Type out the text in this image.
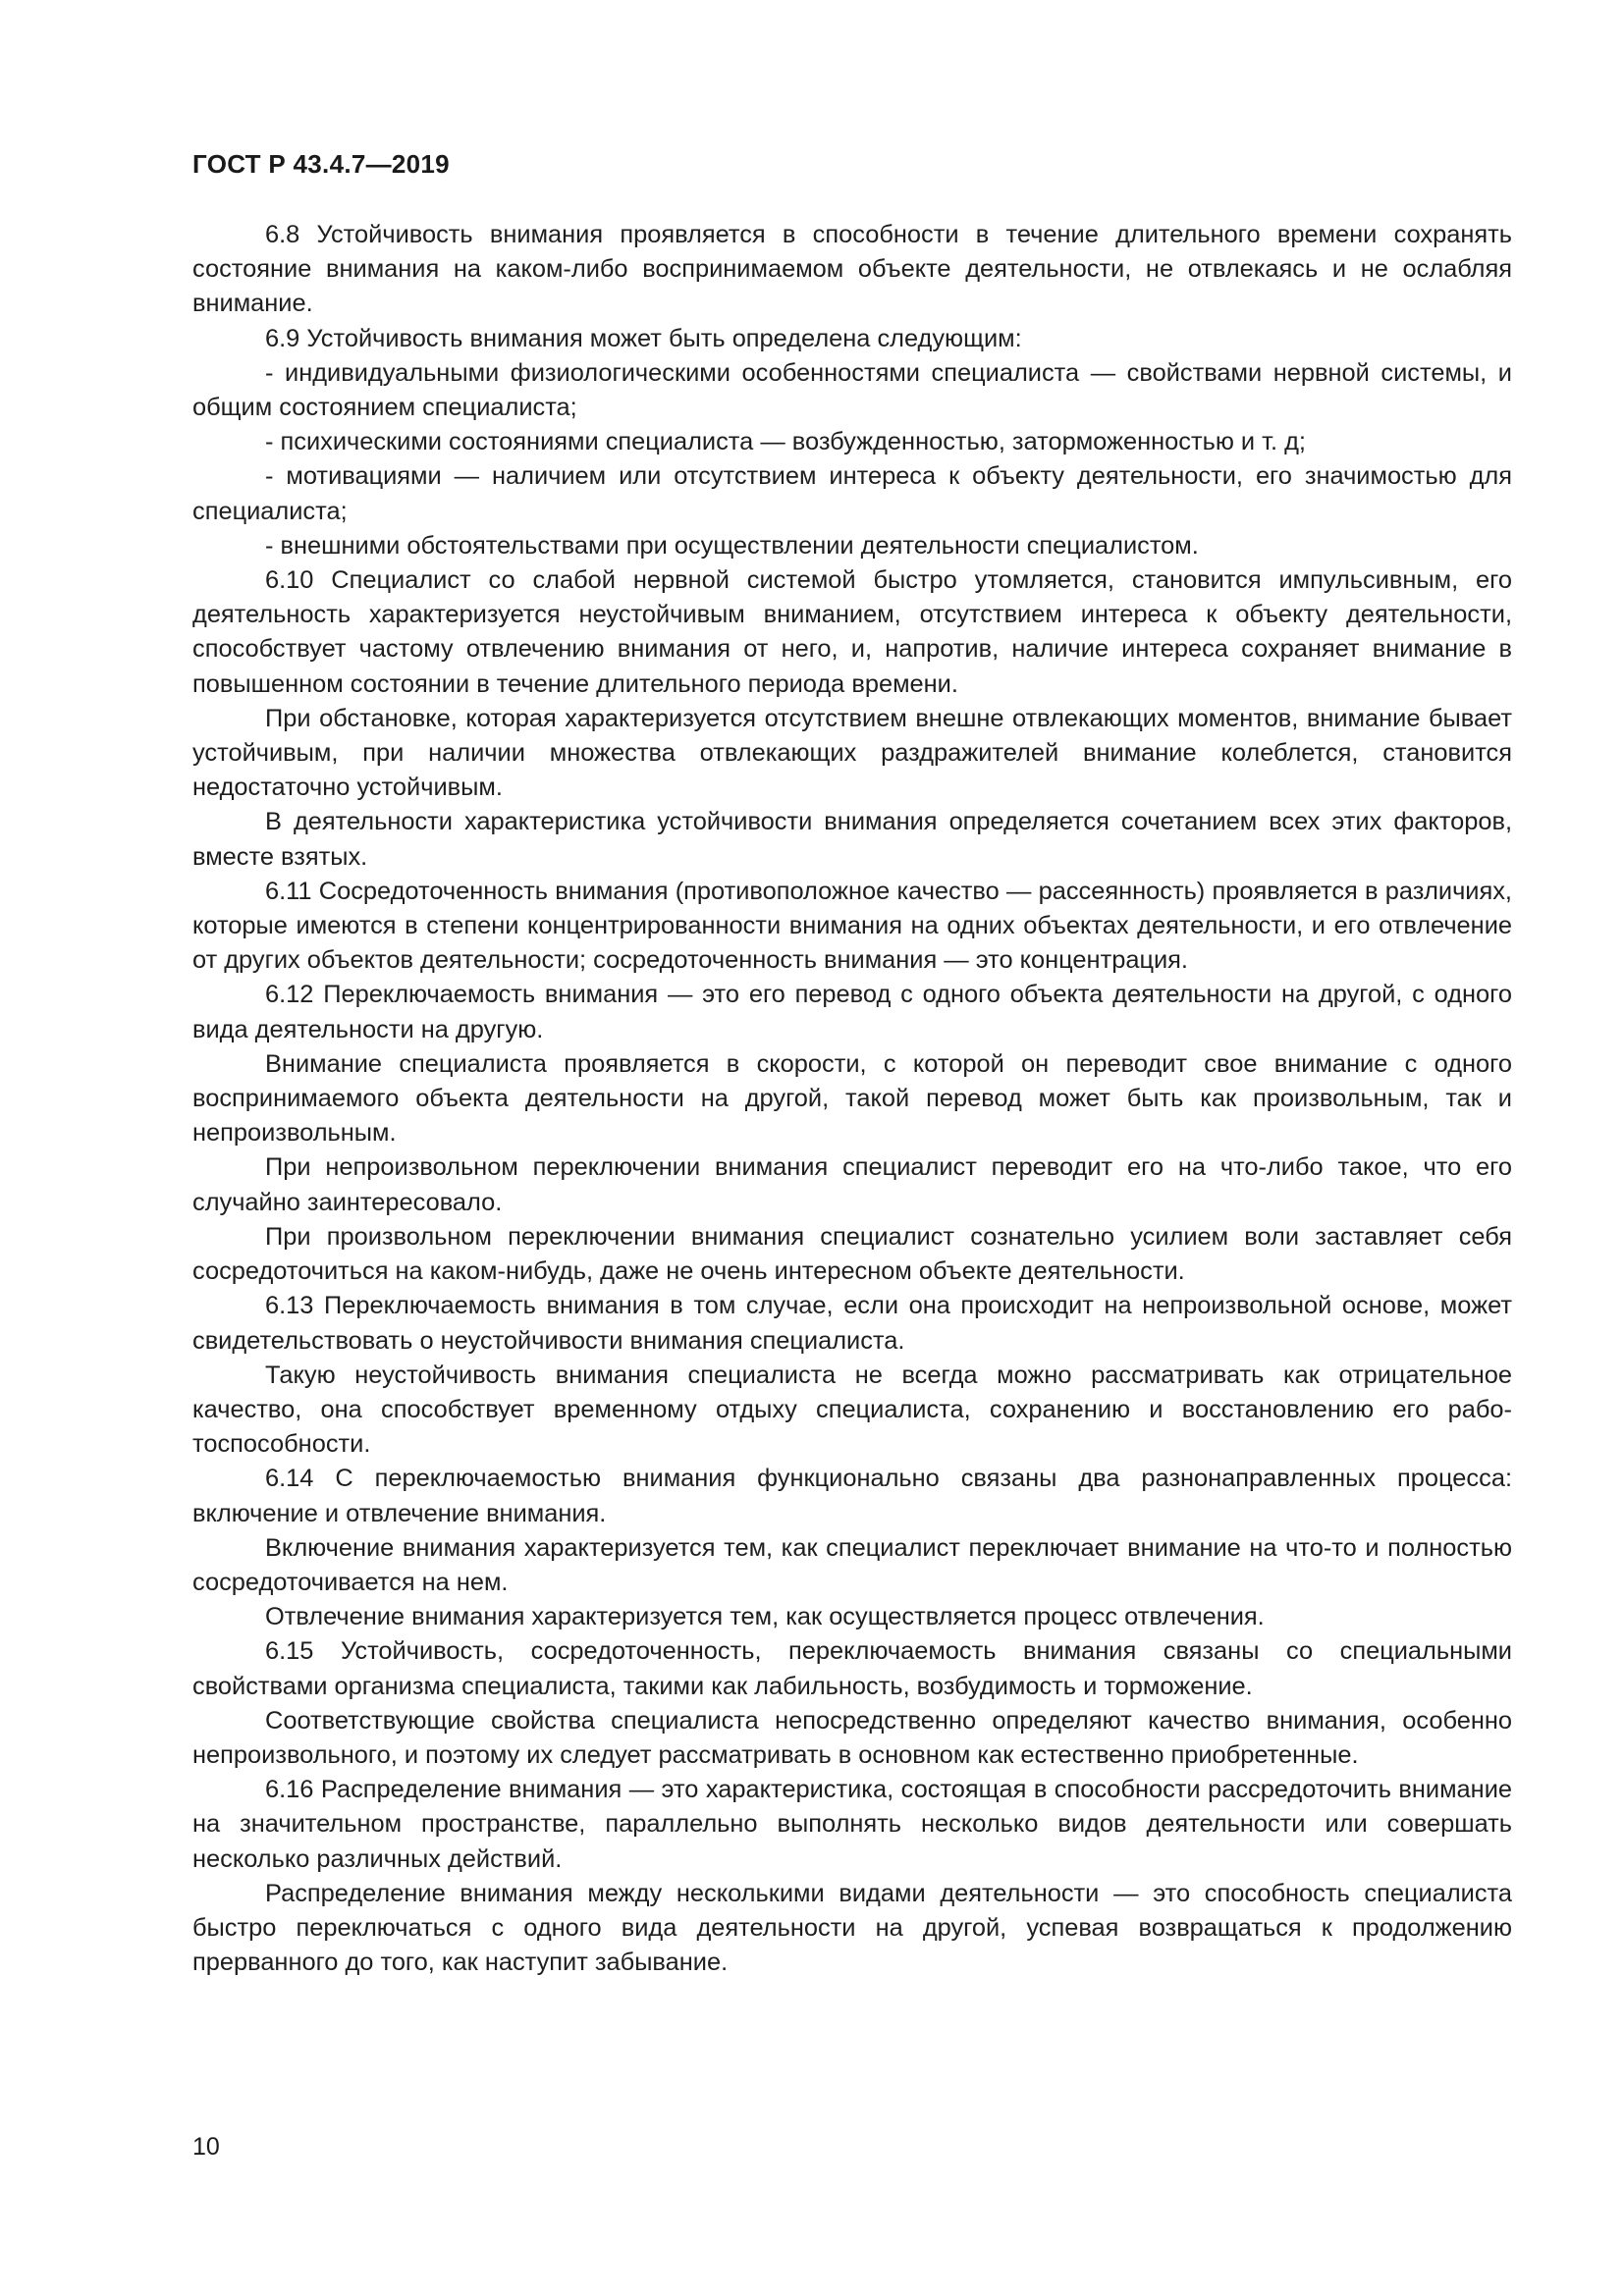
ГОСТ Р 43.4.7—2019

6.8 Устойчивость внимания проявляется в способности в течение длительного времени сохранять состояние внимания на каком-либо воспринимаемом объекте деятельности, не отвлекаясь и не ослабляя внимание.

6.9 Устойчивость внимания может быть определена следующим:

- индивидуальными физиологическими особенностями специалиста — свойствами нервной системы, и общим состоянием специалиста;

- психическими состояниями специалиста — возбужденностью, заторможенностью и т. д;

- мотивациями — наличием или отсутствием интереса к объекту деятельности, его значимостью для специалиста;

- внешними обстоятельствами при осуществлении деятельности специалистом.

6.10 Специалист со слабой нервной системой быстро утомляется, становится импульсивным, его деятельность характеризуется неустойчивым вниманием, отсутствием интереса к объекту деятельности, способствует частому отвлечению внимания от него, и, напротив, наличие интереса сохраняет внимание в повышенном состоянии в течение длительного периода времени.

При обстановке, которая характеризуется отсутствием внешне отвлекающих моментов, внимание бывает устойчивым, при наличии множества отвлекающих раздражителей внимание колеблется, становится недостаточно устойчивым.

В деятельности характеристика устойчивости внимания определяется сочетанием всех этих факторов, вместе взятых.

6.11 Сосредоточенность внимания (противоположное качество — рассеянность) проявляется в различиях, которые имеются в степени концентрированности внимания на одних объектах деятельности, и его отвлечение от других объектов деятельности; сосредоточенность внимания — это концентрация.

6.12 Переключаемость внимания — это его перевод с одного объекта деятельности на другой, с одного вида деятельности на другую.

Внимание специалиста проявляется в скорости, с которой он переводит свое внимание с одного воспринимаемого объекта деятельности на другой, такой перевод может быть как произвольным, так и непроизвольным.

При непроизвольном переключении внимания специалист переводит его на что-либо такое, что его случайно заинтересовало.

При произвольном переключении внимания специалист сознательно усилием воли заставляет себя сосредоточиться на каком-нибудь, даже не очень интересном объекте деятельности.

6.13 Переключаемость внимания в том случае, если она происходит на непроизвольной основе, может свидетельствовать о неустойчивости внимания специалиста.

Такую неустойчивость внимания специалиста не всегда можно рассматривать как отрицательное качество, она способствует временному отдыху специалиста, сохранению и восстановлению его работоспособности.

6.14 С переключаемостью внимания функционально связаны два разнонаправленных процесса: включение и отвлечение внимания.

Включение внимания характеризуется тем, как специалист переключает внимание на что-то и полностью сосредоточивается на нем.

Отвлечение внимания характеризуется тем, как осуществляется процесс отвлечения.

6.15 Устойчивость, сосредоточенность, переключаемость внимания связаны со специальными свойствами организма специалиста, такими как лабильность, возбудимость и торможение.

Соответствующие свойства специалиста непосредственно определяют качество внимания, особенно непроизвольного, и поэтому их следует рассматривать в основном как естественно приобретенные.

6.16 Распределение внимания — это характеристика, состоящая в способности рассредоточить внимание на значительном пространстве, параллельно выполнять несколько видов деятельности или совершать несколько различных действий.

Распределение внимания между несколькими видами деятельности — это способность специалиста быстро переключаться с одного вида деятельности на другой, успевая возвращаться к продолжению прерванного до того, как наступит забывание.

10
